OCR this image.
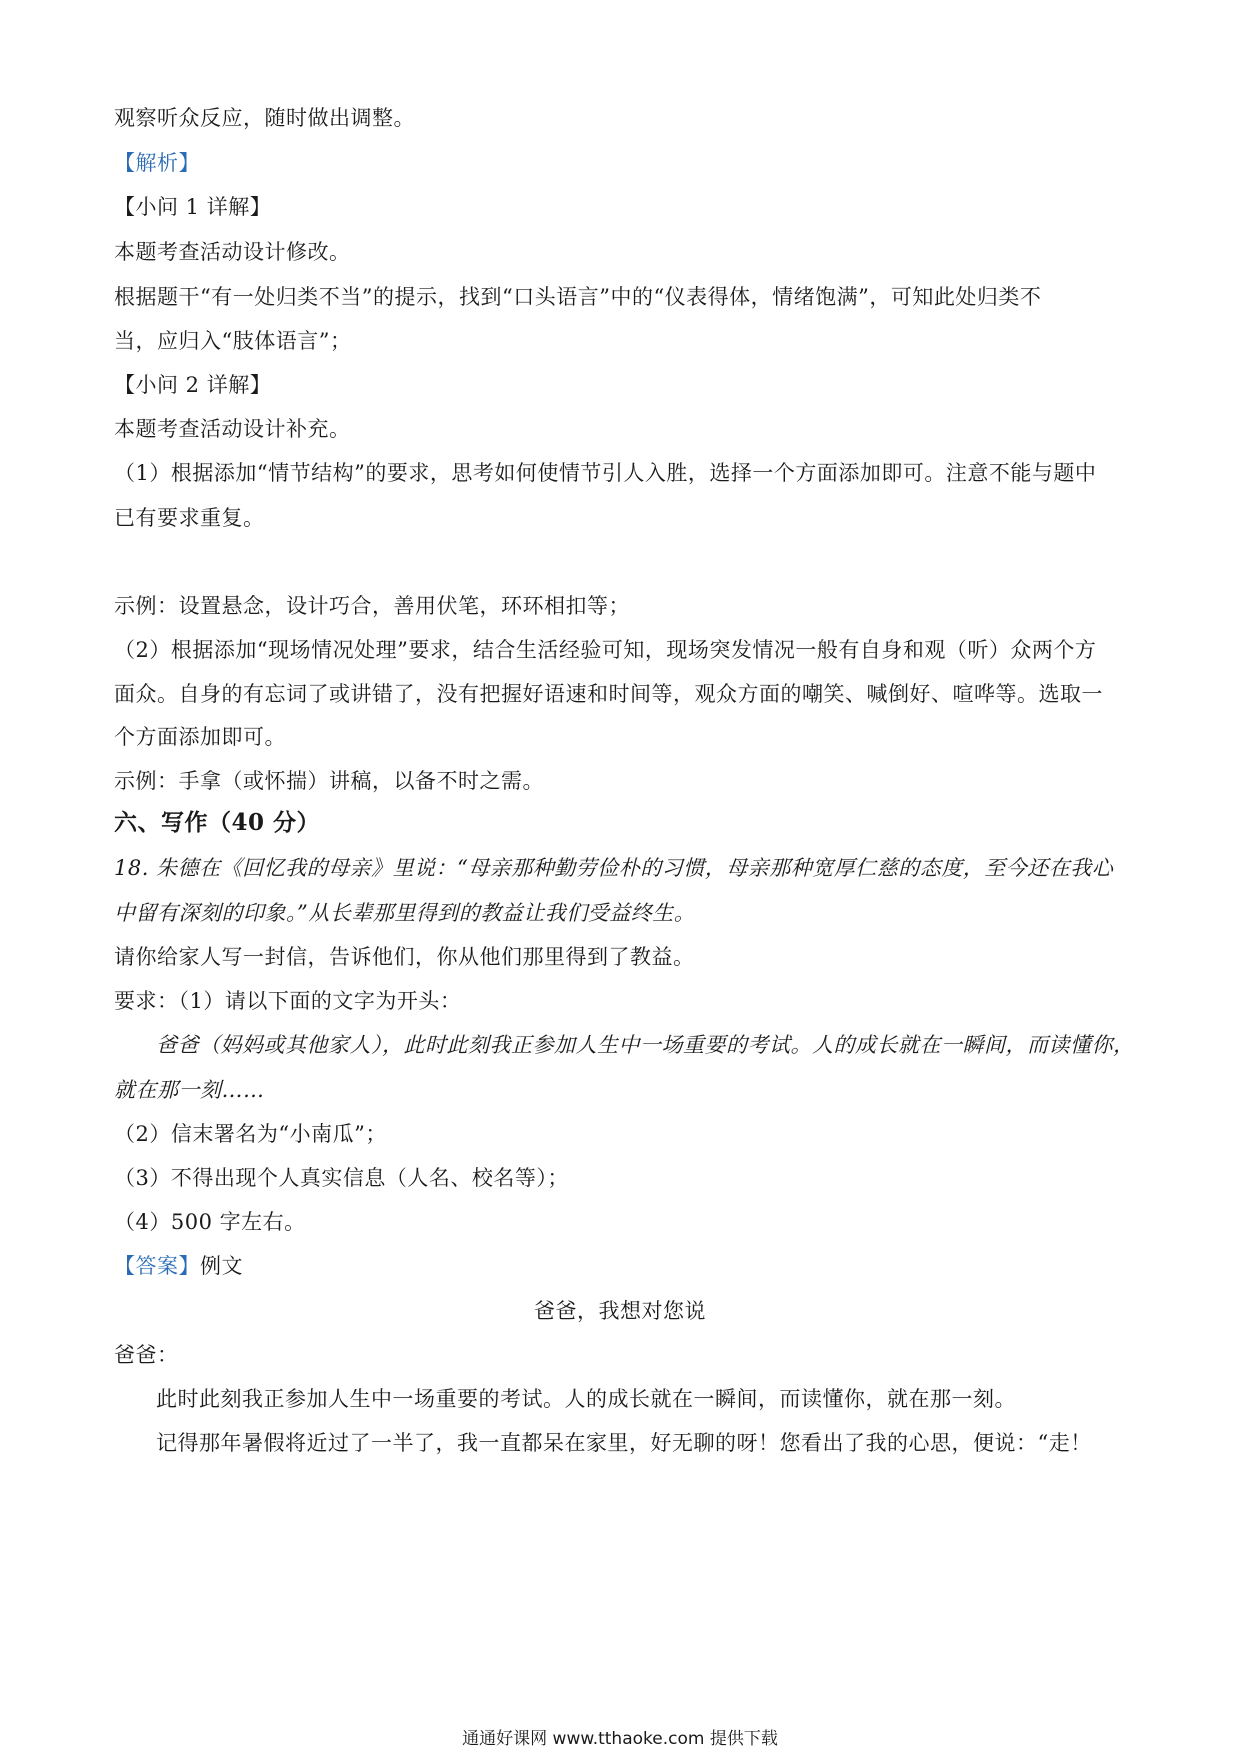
观察听众反应，随时做出调整。
【解析】
【小问 1 详解】
本题考查活动设计修改。
根据题干“有一处归类不当”的提示，找到“口头语言”中的“仪表得体，情绪饱满”，可知此处归类不
当，应归入“肢体语言”；
【小问 2 详解】
本题考查活动设计补充。
（1）根据添加“情节结构”的要求，思考如何使情节引人入胜，选择一个方面添加即可。注意不能与题中
已有要求重复。
示例：设置悬念，设计巧合，善用伏笔，环环相扣等；
（2）根据添加“现场情况处理”要求，结合生活经验可知，现场突发情况一般有自身和观（听）众两个方
面众。自身的有忘词了或讲错了，没有把握好语速和时间等，观众方面的嘲笑、喊倒好、喧哗等。选取一
个方面添加即可。
示例：手拿（或怀揣）讲稿，以备不时之需。
六、写作（40 分）
18. 朱德在《回忆我的母亲》里说：“母亲那种勤劳俭朴的习惯，母亲那种宽厚仁慈的态度，至今还在我心
中留有深刻的印象。”从长辈那里得到的教益让我们受益终生。
请你给家人写一封信，告诉他们，你从他们那里得到了教益。
要求：（1）请以下面的文字为开头：
爸爸（妈妈或其他家人），此时此刻我正参加人生中一场重要的考试。人的成长就在一瞬间，而读懂你，
就在那一刻……
（2）信末署名为“小南瓜”；
（3）不得出现个人真实信息（人名、校名等）；
（4）500 字左右。
【答案】例文
爸爸，我想对您说
爸爸：
此时此刻我正参加人生中一场重要的考试。人的成长就在一瞬间，而读懂你，就在那一刻。
记得那年暑假将近过了一半了，我一直都呆在家里，好无聊的呀！您看出了我的心思，便说：“走！
通通好课网 www.tthaoke.com 提供下载
